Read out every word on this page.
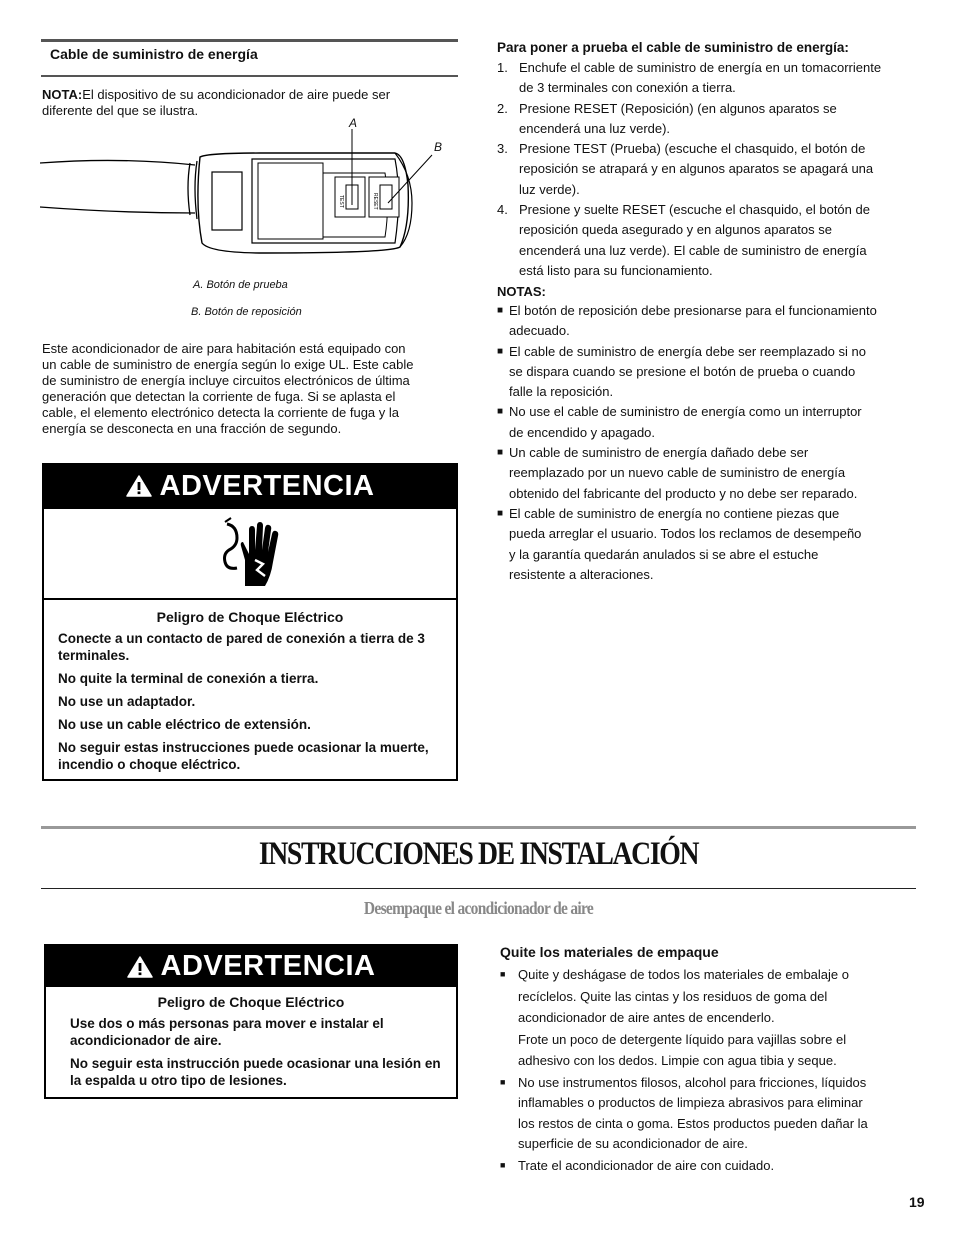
Cable de suministro de energía
NOTA:El dispositivo de su acondicionador de aire puede ser diferente del que se ilustra.
TEST	RESET
A
B
A. Botón de prueba
B. Botón de reposición
Este acondicionador de aire para habitación está equipado con
un cable de suministro de energía según lo exige UL. Este cable
de suministro de energía incluye circuitos electrónicos de última
generación que detectan la corriente de fuga. Si se aplasta el
cable, el elemento electrónico detecta la corriente de fuga y la
energía se desconecta en una fracción de segundo.
ADVERTENCIA
Peligro de Choque Eléctrico

Conecte a un contacto de pared de conexión a tierra de 3 terminales.

No quite la terminal de conexión a tierra.

No use un adaptador.

No use un cable eléctrico de extensión.

No seguir estas instrucciones puede ocasionar la muerte, incendio o choque eléctrico.

Para poner a prueba el cable de suministro de energía:
1. Enchufe el cable de suministro de energía en un tomacorriente
de 3 terminales con conexión a tierra.
2. Presione RESET (Reposición) (en algunos aparatos se
encenderá una luz verde).
3. Presione TEST (Prueba) (escuche el chasquido, el botón de
reposición se atrapará y en algunos aparatos se apagará una
luz verde).
4. Presione y suelte RESET (escuche el chasquido, el botón de
reposición queda asegurado y en algunos aparatos se
encenderá una luz verde). El cable de suministro de energía
está listo para su funcionamiento.
NOTAS:
■ El botón de reposición debe presionarse para el funcionamiento
adecuado.
■ El cable de suministro de energía debe ser reemplazado si no
se dispara cuando se presione el botón de prueba o cuando
falle la reposición.
■ No use el cable de suministro de energía como un interruptor
de encendido y apagado.
■ Un cable de suministro de energía dañado debe ser
reemplazado por un nuevo cable de suministro de energía
obtenido del fabricante del producto y no debe ser reparado.
■ El cable de suministro de energía no contiene piezas que
pueda arreglar el usuario. Todos los reclamos de desempeño
y la garantía quedarán anulados si se abre el estuche
resistente a alteraciones.
INSTRUCCIONES DE INSTALACIÓN
Desempaque el acondicionador de aire
ADVERTENCIA
Peligro de Choque Eléctrico

Use dos o más personas para mover e instalar el acondicionador de aire.

No seguir esta instrucción puede ocasionar una lesión en la espalda u otro tipo de lesiones.

Quite los materiales de empaque
■ Quite y deshágase de todos los materiales de embalaje o
recíclelos. Quite las cintas y los residuos de goma del
acondicionador de aire antes de encenderlo.
Frote un poco de detergente líquido para vajillas sobre el
adhesivo con los dedos. Limpie con agua tibia y seque.
■ No use instrumentos filosos, alcohol para fricciones, líquidos
inflamables o productos de limpieza abrasivos para eliminar
los restos de cinta o goma. Estos productos pueden dañar la
superficie de su acondicionador de aire.
■ Trate el acondicionador de aire con cuidado.
19
